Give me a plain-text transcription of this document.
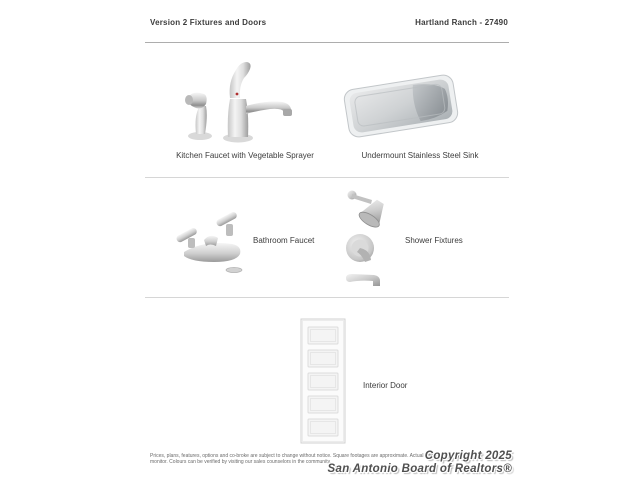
Version 2 Fixtures and Doors	Hartland Ranch - 27490
Kitchen Faucet with Vegetable Sprayer	Undermount Stainless Steel Sink
Bathroom Faucet	Shower Fixtures
Interior Door
Prices, plans, features, options and co-broke are subject to change without notice. Square footages are approximate. Actual colors may vary per
monitor. Colours can be verified by visiting our sales counselors in the community.	Copyright 2025
San Antonio Board of Realtors®
